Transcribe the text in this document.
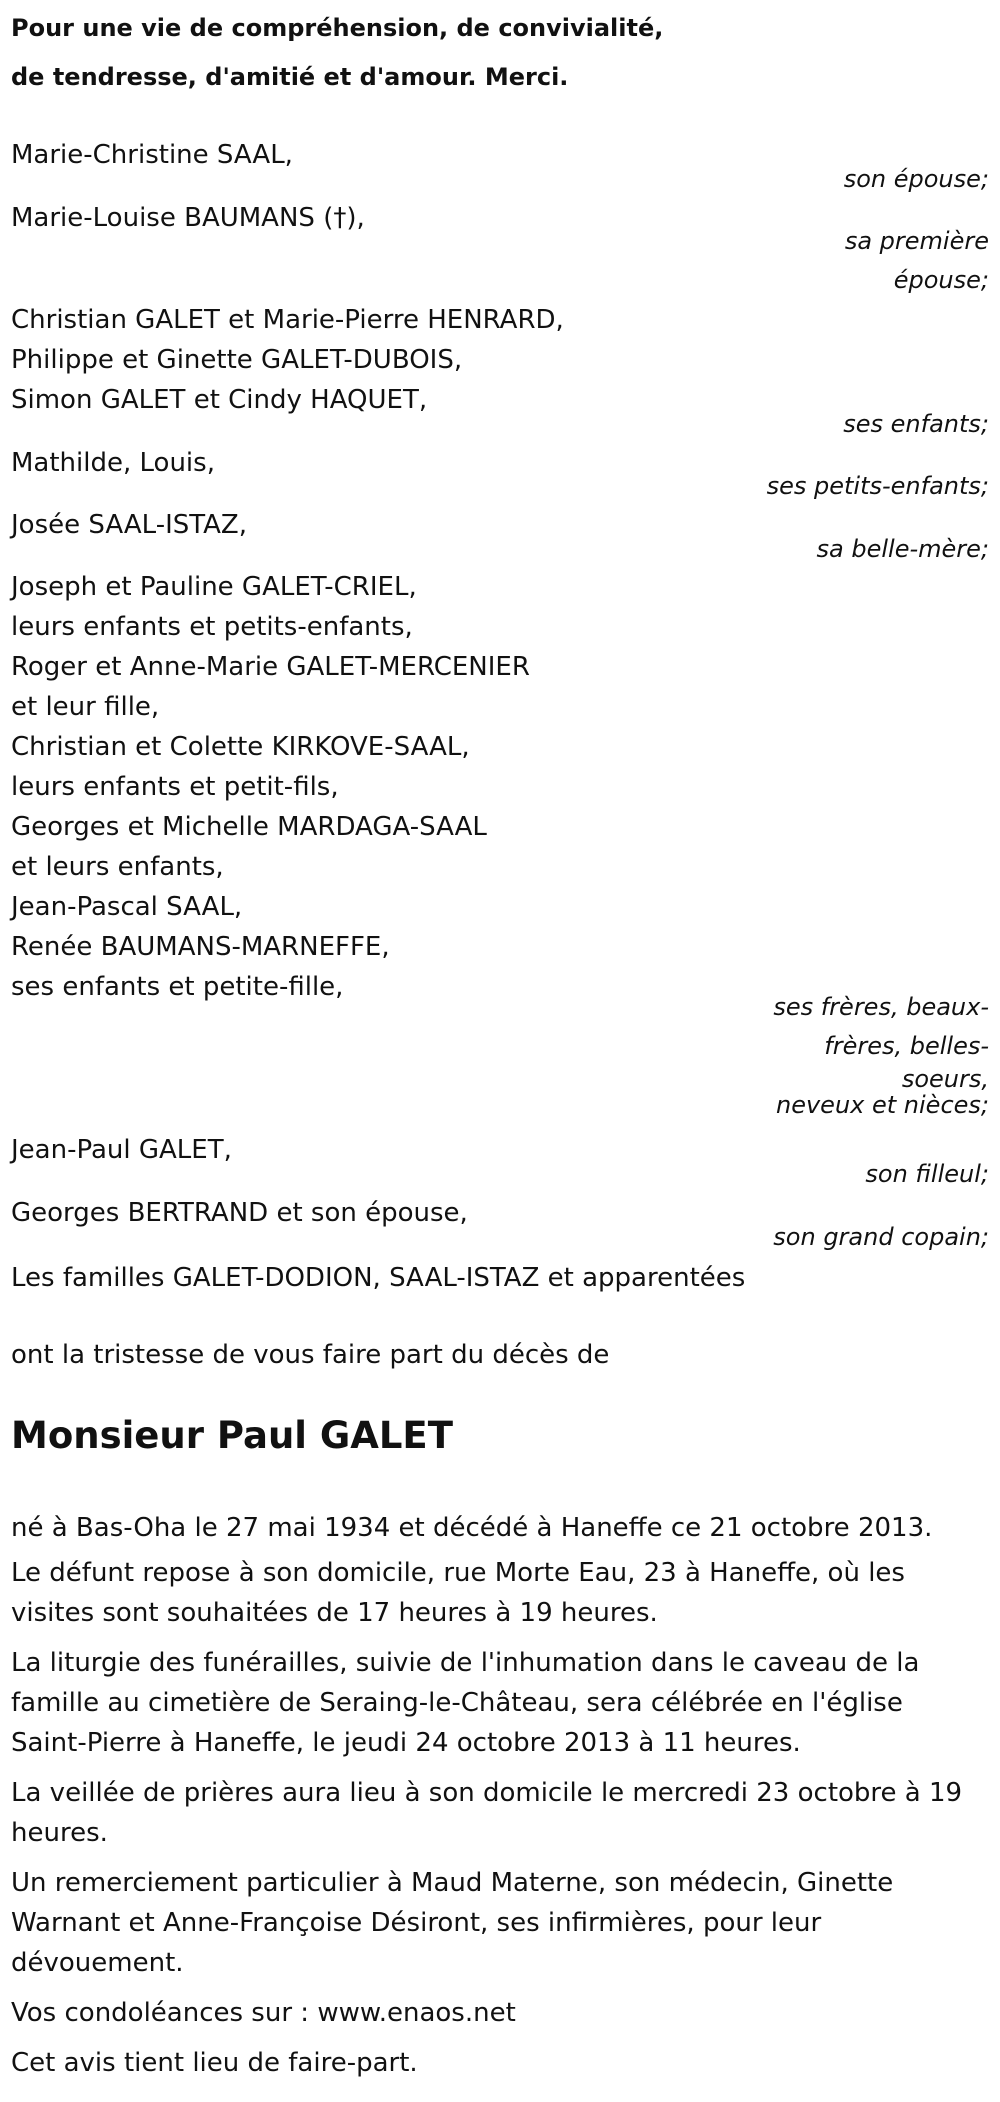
Pour une vie de compréhension, de convivialité,
de tendresse, d'amitié et d'amour. Merci.
Marie-Christine SAAL,
son épouse;
Marie-Louise BAUMANS (†),
sa première
épouse;
Christian GALET et Marie-Pierre HENRARD,
Philippe et Ginette GALET-DUBOIS,
Simon GALET et Cindy HAQUET,
ses enfants;
Mathilde, Louis,
ses petits-enfants;
Josée SAAL-ISTAZ,
sa belle-mère;
Joseph et Pauline GALET-CRIEL,
leurs enfants et petits-enfants,
Roger et Anne-Marie GALET-MERCENIER
et leur fille,
Christian et Colette KIRKOVE-SAAL,
leurs enfants et petit-fils,
Georges et Michelle MARDAGA-SAAL
et leurs enfants,
Jean-Pascal SAAL,
Renée BAUMANS-MARNEFFE,
ses enfants et petite-fille,
ses frères, beaux-
frères, belles-
soeurs,
neveux et nièces;
Jean-Paul GALET,
son filleul;
Georges BERTRAND et son épouse,
son grand copain;
Les familles GALET-DODION, SAAL-ISTAZ et apparentées
ont la tristesse de vous faire part du décès de
Monsieur Paul GALET
né à Bas-Oha le 27 mai 1934 et décédé à Haneffe ce 21 octobre 2013.
Le défunt repose à son domicile, rue Morte Eau, 23 à Haneffe, où les
visites sont souhaitées de 17 heures à 19 heures.
La liturgie des funérailles, suivie de l'inhumation dans le caveau de la
famille au cimetière de Seraing-le-Château, sera célébrée en l'église
Saint-Pierre à Haneffe, le jeudi 24 octobre 2013 à 11 heures.
La veillée de prières aura lieu à son domicile le mercredi 23 octobre à 19
heures.
Un remerciement particulier à Maud Materne, son médecin, Ginette
Warnant et Anne-Françoise Désiront, ses infirmières, pour leur
dévouement.
Vos condoléances sur : www.enaos.net
Cet avis tient lieu de faire-part.
